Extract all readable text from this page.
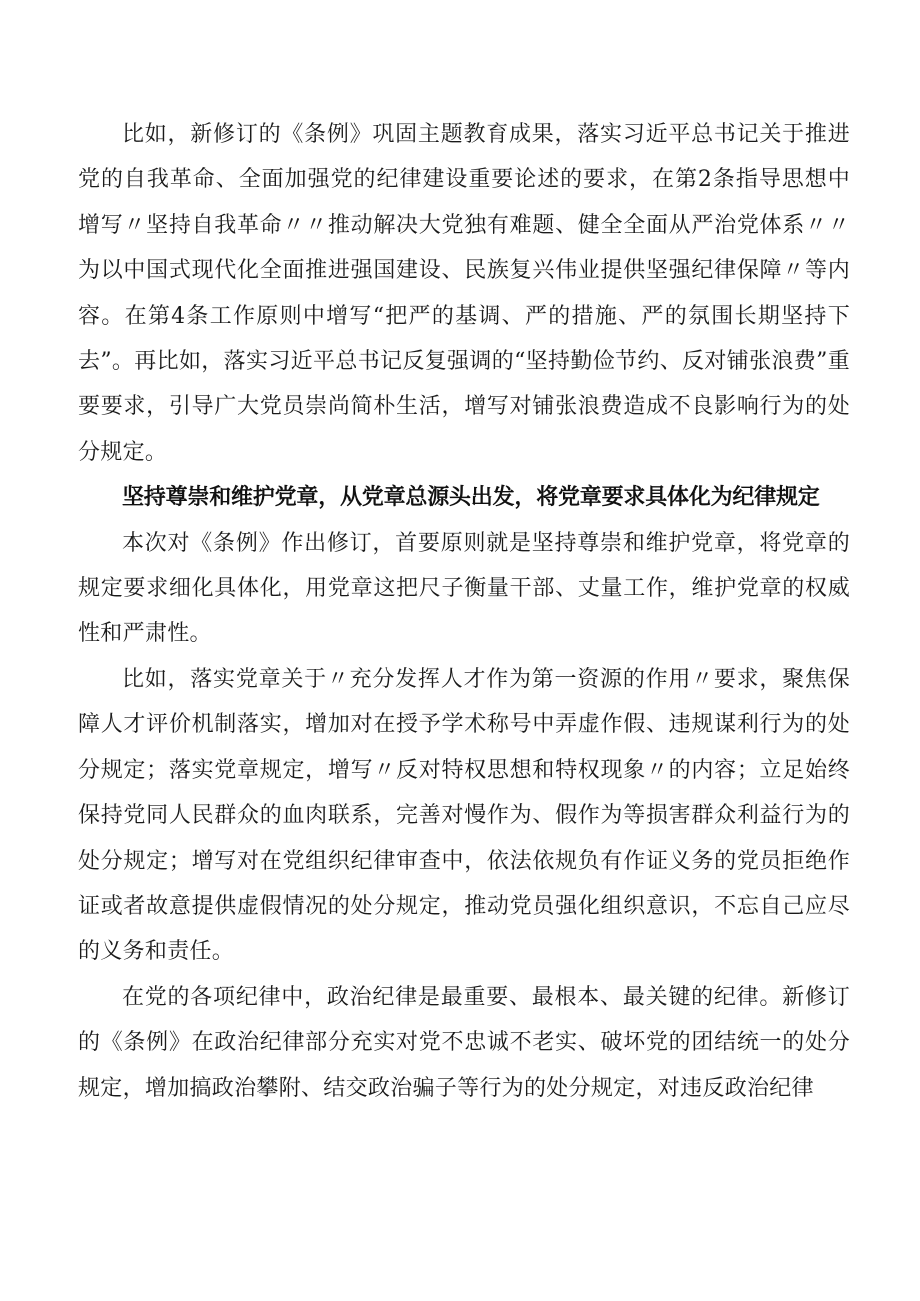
比如，新修订的《条例》巩固主题教育成果，落实习近平总书记关于推进党的自我革命、全面加强党的纪律建设重要论述的要求，在第2条指导思想中增写〃坚持自我革命〃〃推动解决大党独有难题、健全全面从严治党体系〃〃为以中国式现代化全面推进强国建设、民族复兴伟业提供坚强纪律保障〃等内容。在第4条工作原则中增写“把严的基调、严的措施、严的氛围长期坚持下去”。再比如，落实习近平总书记反复强调的“坚持勤俭节约、反对铺张浪费”重要要求，引导广大党员崇尚简朴生活，增写对铺张浪费造成不良影响行为的处分规定。

坚持尊崇和维护党章，从党章总源头出发，将党章要求具体化为纪律规定

本次对《条例》作出修订，首要原则就是坚持尊崇和维护党章，将党章的规定要求细化具体化，用党章这把尺子衡量干部、丈量工作，维护党章的权威性和严肃性。

比如，落实党章关于〃充分发挥人才作为第一资源的作用〃要求，聚焦保障人才评价机制落实，增加对在授予学术称号中弄虚作假、违规谋利行为的处分规定；落实党章规定，增写〃反对特权思想和特权现象〃的内容；立足始终保持党同人民群众的血肉联系，完善对慢作为、假作为等损害群众利益行为的处分规定；增写对在党组织纪律审查中，依法依规负有作证义务的党员拒绝作证或者故意提供虚假情况的处分规定，推动党员强化组织意识，不忘自己应尽的义务和责任。

在党的各项纪律中，政治纪律是最重要、最根本、最关键的纪律。新修订的《条例》在政治纪律部分充实对党不忠诚不老实、破坏党的团结统一的处分规定，增加搞政治攀附、结交政治骗子等行为的处分规定，对违反政治纪律
